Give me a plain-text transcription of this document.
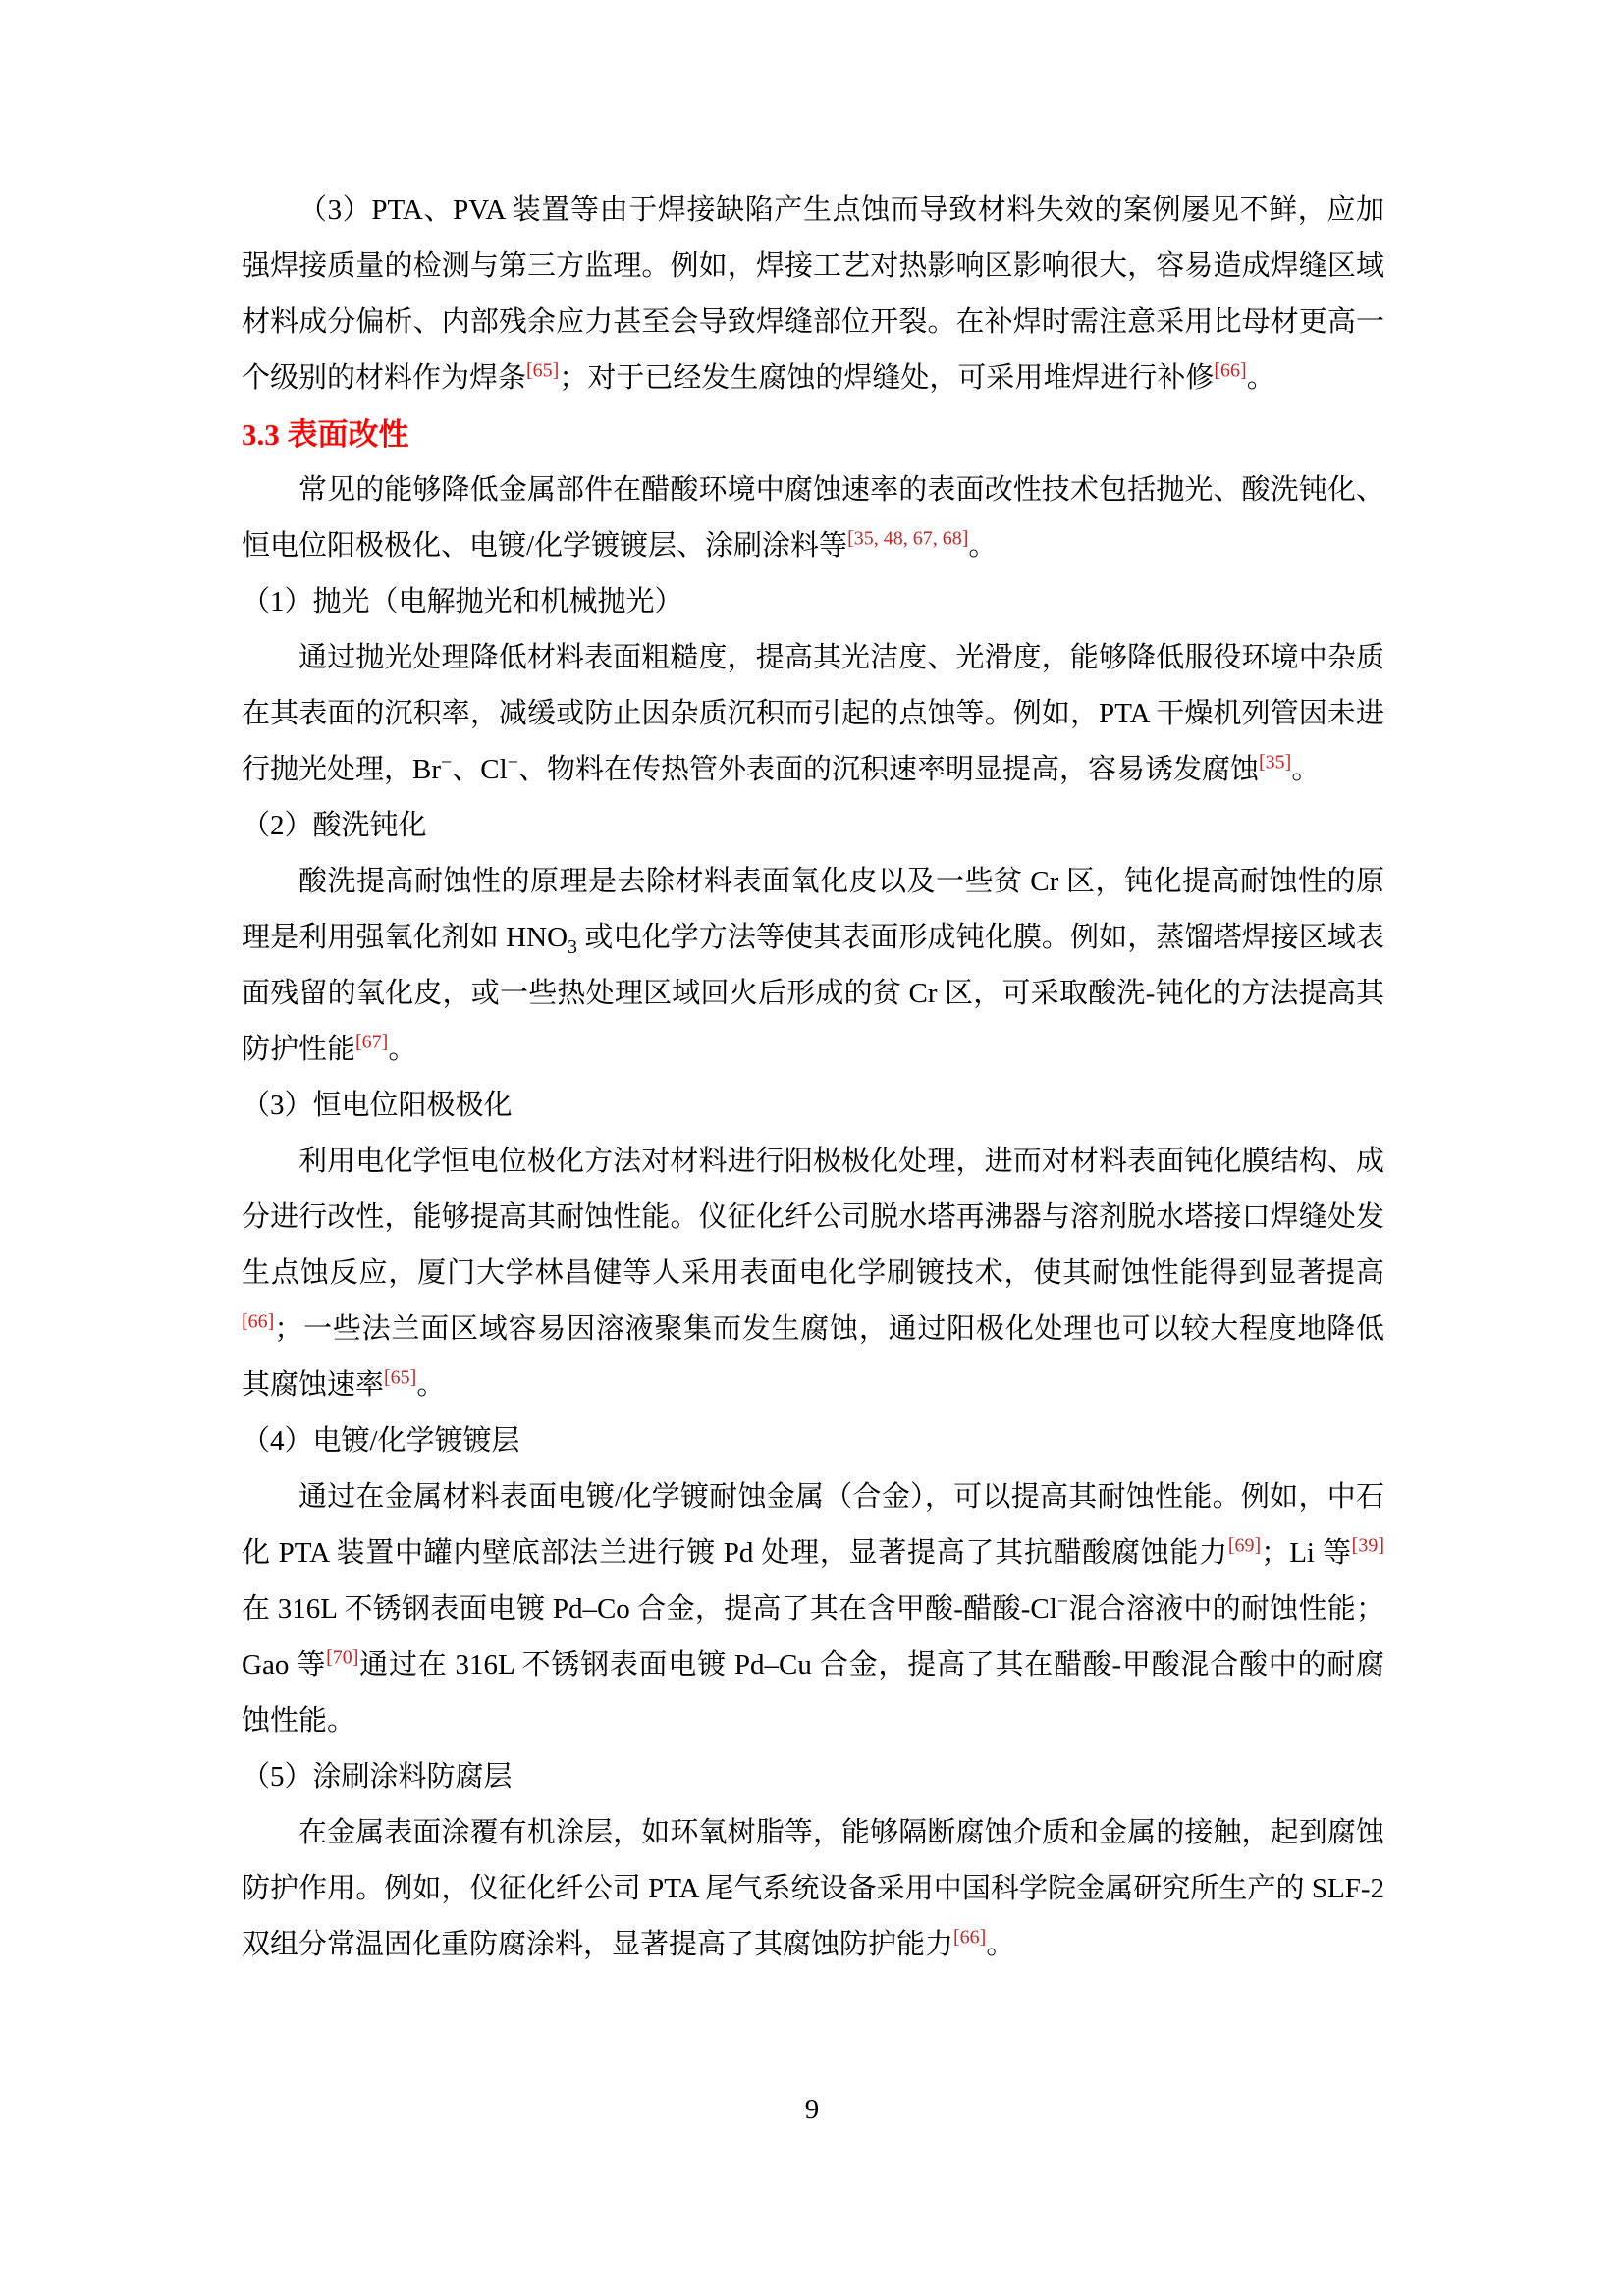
（3）PTA、PVA 装置等由于焊接缺陷产生点蚀而导致材料失效的案例屡见不鲜，应加强焊接质量的检测与第三方监理。例如，焊接工艺对热影响区影响很大，容易造成焊缝区域材料成分偏析、内部残余应力甚至会导致焊缝部位开裂。在补焊时需注意采用比母材更高一个级别的材料作为焊条[65]；对于已经发生腐蚀的焊缝处，可采用堆焊进行补修[66]。

3.3 表面改性

常见的能够降低金属部件在醋酸环境中腐蚀速率的表面改性技术包括抛光、酸洗钝化、恒电位阳极极化、电镀/化学镀镀层、涂刷涂料等[35, 48, 67, 68]。

（1）抛光（电解抛光和机械抛光）

通过抛光处理降低材料表面粗糙度，提高其光洁度、光滑度，能够降低服役环境中杂质在其表面的沉积率，减缓或防止因杂质沉积而引起的点蚀等。例如，PTA 干燥机列管因未进行抛光处理，Br−、Cl−、物料在传热管外表面的沉积速率明显提高，容易诱发腐蚀[35]。

（2）酸洗钝化

酸洗提高耐蚀性的原理是去除材料表面氧化皮以及一些贫 Cr 区，钝化提高耐蚀性的原理是利用强氧化剂如 $HNO_3$ 或电化学方法等使其表面形成钝化膜。例如，蒸馏塔焊接区域表面残留的氧化皮，或一些热处理区域回火后形成的贫 Cr 区，可采取酸洗-钝化的方法提高其防护性能[67]。

（3）恒电位阳极极化

利用电化学恒电位极化方法对材料进行阳极极化处理，进而对材料表面钝化膜结构、成分进行改性，能够提高其耐蚀性能。仪征化纤公司脱水塔再沸器与溶剂脱水塔接口焊缝处发生点蚀反应，厦门大学林昌健等人采用表面电化学刷镀技术，使其耐蚀性能得到显著提高[66]；一些法兰面区域容易因溶液聚集而发生腐蚀，通过阳极化处理也可以较大程度地降低其腐蚀速率[65]。

（4）电镀/化学镀镀层

通过在金属材料表面电镀/化学镀耐蚀金属（合金），可以提高其耐蚀性能。例如，中石化 PTA 装置中罐内壁底部法兰进行镀 Pd 处理，显著提高了其抗醋酸腐蚀能力[69]；Li 等[39]在 316L 不锈钢表面电镀 Pd–Co 合金，提高了其在含甲酸-醋酸-Cl−混合溶液中的耐蚀性能；Gao 等[70]通过在 316L 不锈钢表面电镀 Pd–Cu 合金，提高了其在醋酸-甲酸混合酸中的耐腐蚀性能。

（5）涂刷涂料防腐层

在金属表面涂覆有机涂层，如环氧树脂等，能够隔断腐蚀介质和金属的接触，起到腐蚀防护作用。例如，仪征化纤公司 PTA 尾气系统设备采用中国科学院金属研究所生产的 SLF-2 双组分常温固化重防腐涂料，显著提高了其腐蚀防护能力[66]。

9
